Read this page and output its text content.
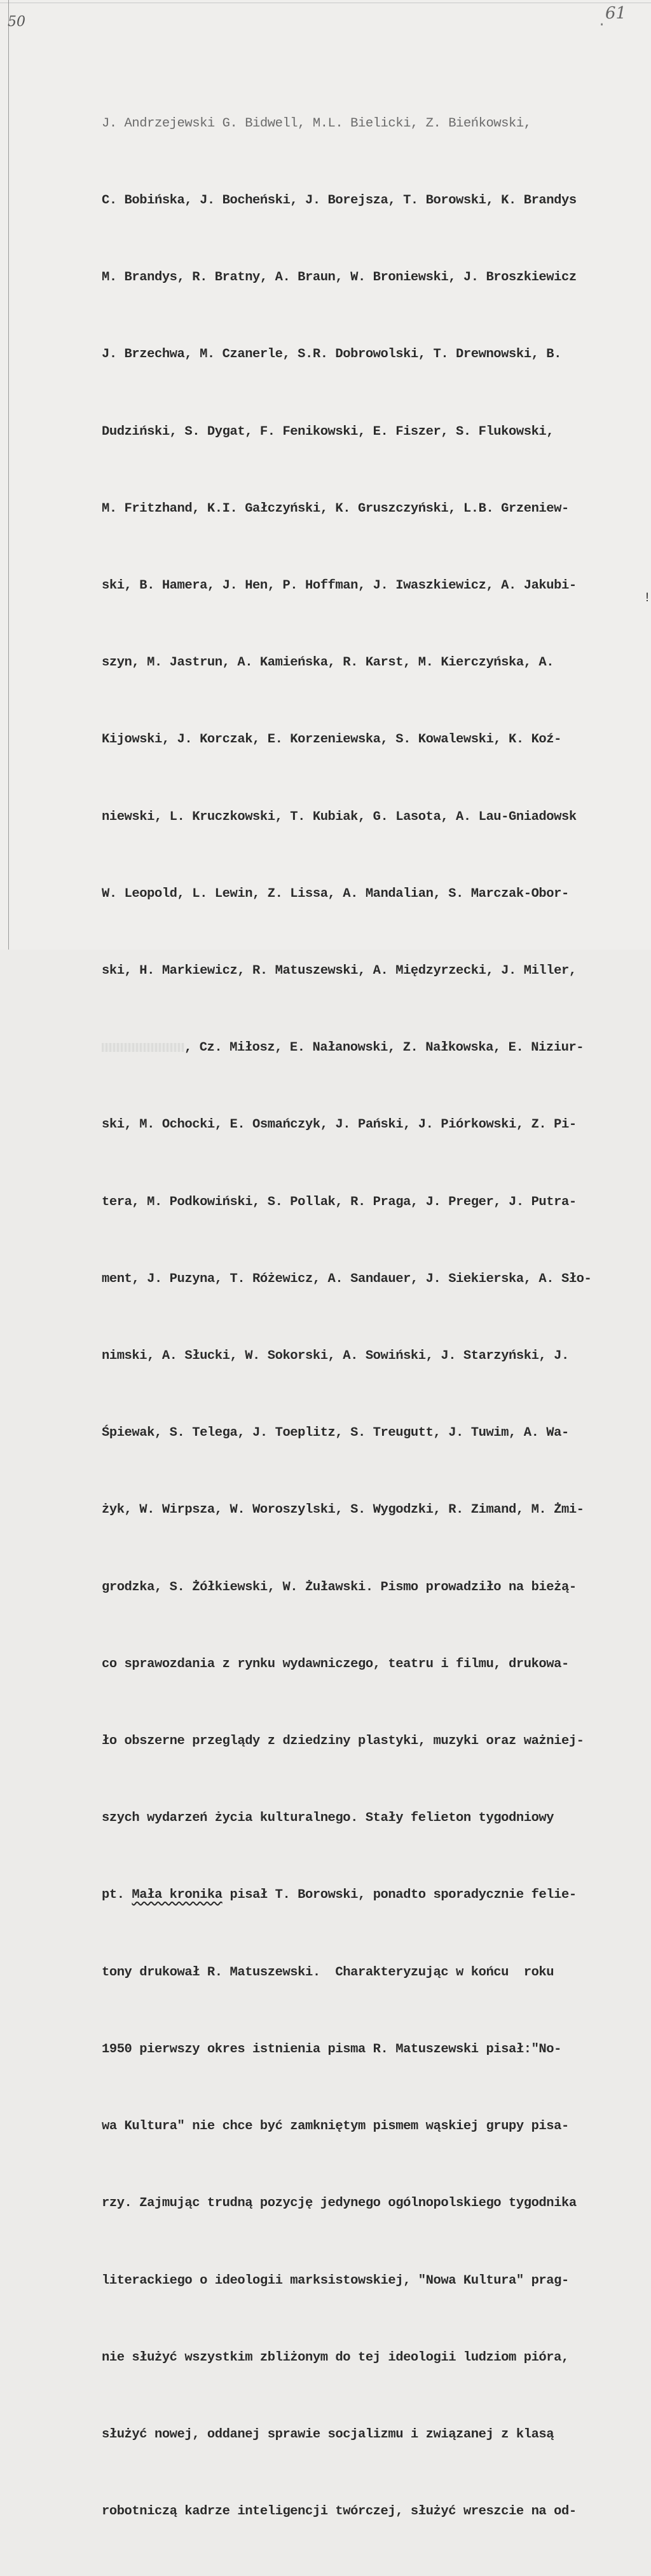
50	.
61

J. Andrzejewski G. Bidwell, M.L. Bielicki, Z. Bieńkowski,

C. Bobińska, J. Bocheński, J. Borejsza, T. Borowski, K. Brandys

M. Brandys, R. Bratny, A. Braun, W. Broniewski, J. Broszkiewicz

J. Brzechwa, M. Czanerle, S.R. Dobrowolski, T. Drewnowski, B.

Dudziński, S. Dygat, F. Fenikowski, E. Fiszer, S. Flukowski,

M. Fritzhand, K.I. Gałczyński, K. Gruszczyński, L.B. Grzeniew-

ski, B. Hamera, J. Hen, P. Hoffman, J. Iwaszkiewicz, A. Jakubi-

szyn, M. Jastrun, A. Kamieńska, R. Karst, M. Kierczyńska, A.

Kijowski, J. Korczak, E. Korzeniewska, S. Kowalewski, K. Koź-

niewski, L. Kruczkowski, T. Kubiak, G. Lasota, A. Lau-Gniadowsk

W. Leopold, L. Lewin, Z. Lissa, A. Mandalian, S. Marczak-Obor-

ski, H. Markiewicz, R. Matuszewski, A. Międzyrzecki, J. Miller,

, Cz. Miłosz, E. Nałanowski, Z. Nałkowska, E. Niziur-

ski, M. Ochocki, E. Osmańczyk, J. Pański, J. Piórkowski, Z. Pi-

tera, M. Podkowiński, S. Pollak, R. Praga, J. Preger, J. Putra-

ment, J. Puzyna, T. Różewicz, A. Sandauer, J. Siekierska, A. Sło-

nimski, A. Słucki, W. Sokorski, A. Sowiński, J. Starzyński, J.

Śpiewak, S. Telega, J. Toeplitz, S. Treugutt, J. Tuwim, A. Wa-

żyk, W. Wirpsza, W. Woroszylski, S. Wygodzki, R. Zimand, M. Żmi-

grodzka, S. Żółkiewski, W. Żuławski. Pismo prowadziło na bieżą-

co sprawozdania z rynku wydawniczego, teatru i filmu, drukowa-

ło obszerne przeglądy z dziedziny plastyki, muzyki oraz ważniej-

szych wydarzeń życia kulturalnego. Stały felieton tygodniowy

pt. Mała kronika pisał T. Borowski, ponadto sporadycznie felie-

tony drukował R. Matuszewski.  Charakteryzując w końcu  roku

1950 pierwszy okres istnienia pisma R. Matuszewski pisał:"No-

wa Kultura" nie chce być zamkniętym pismem wąskiej grupy pisa-

rzy. Zajmując trudną pozycję jedynego ogólnopolskiego tygodnika

literackiego o ideologii marksistowskiej, "Nowa Kultura" prag-

nie służyć wszystkim zbliżonym do tej ideologii ludziom pióra,

służyć nowej, oddanej sprawie socjalizmu i związanej z klasą

robotniczą kadrze inteligencji twórczej, służyć wreszcie na od-

!
